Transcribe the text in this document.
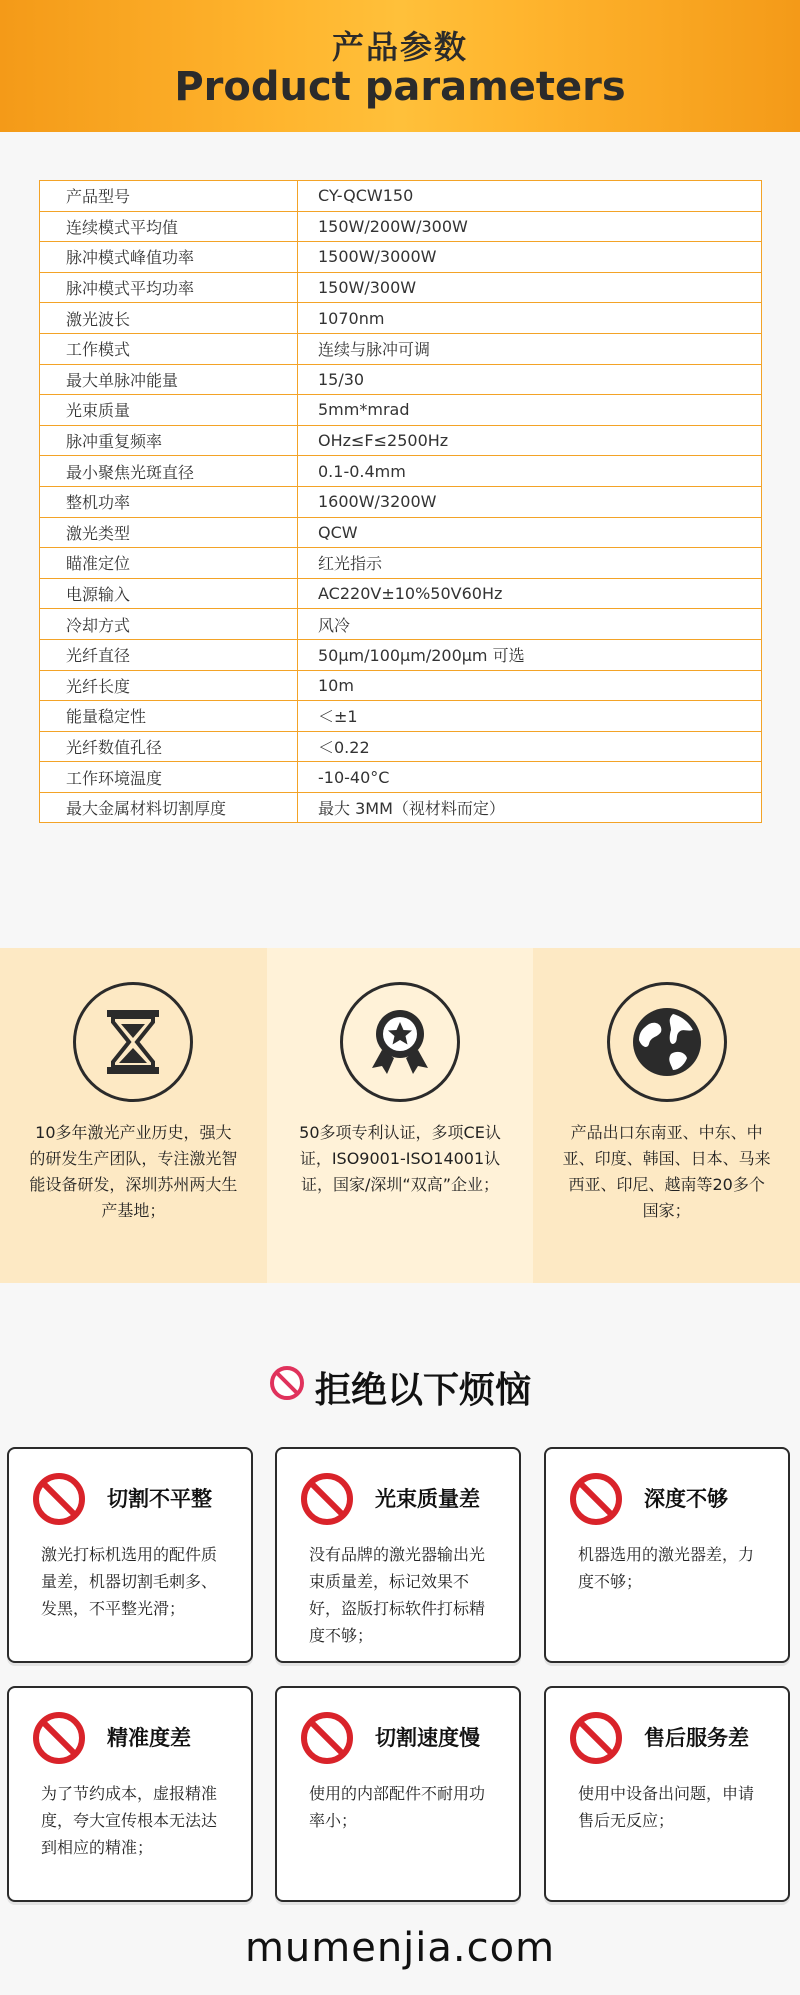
产品参数
Product parameters
产品型号	CY-QCW150
连续模式平均值	150W/200W/300W
脉冲模式峰值功率	1500W/3000W
脉冲模式平均功率	150W/300W
激光波长	1070nm
工作模式	连续与脉冲可调
最大单脉冲能量	15/30
光束质量	5mm*mrad
脉冲重复频率	OHz≤F≤2500Hz
最小聚焦光斑直径	0.1-0.4mm
整机功率	1600W/3200W
激光类型	QCW
瞄准定位	红光指示
电源输入	AC220V±10%50V60Hz
冷却方式	风冷
光纤直径	50μm/100μm/200μm 可选
光纤长度	10m
能量稳定性	＜±1
光纤数值孔径	＜0.22
工作环境温度	-10-40°C
最大金属材料切割厚度	最大 3MM（视材料而定）
10多年激光产业历史，强大的研发生产团队，专注激光智能设备研发，深圳苏州两大生产基地；
50多项专利认证，多项CE认证，ISO9001-ISO14001认证，国家/深圳“双高”企业；
产品出口东南亚、中东、中亚、印度、韩国、日本、马来西亚、印尼、越南等20多个国家；
拒绝以下烦恼
切割不平整
激光打标机选用的配件质量差，机器切割毛刺多、发黑，不平整光滑；
光束质量差
没有品牌的激光器输出光束质量差，标记效果不好，盗版打标软件打标精度不够；
深度不够
机器选用的激光器差，力度不够；
精准度差
为了节约成本，虚报精准度，夸大宣传根本无法达到相应的精准；
切割速度慢
使用的内部配件不耐用功率小；
售后服务差
使用中设备出问题，申请售后无反应；
mumenjia.com
